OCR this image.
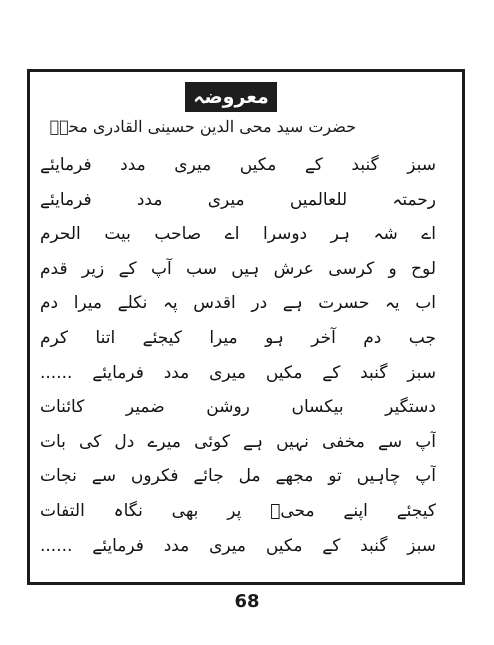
معروضہ
حضرت سید محی الدین حسینی القادری محیؔ
سبز گنبد کے مکیں میری مدد فرمایئے
رحمتہ للعالمیں میری مدد فرمایئے
اے شہ ہر دوسرا اے صاحب بیت الحرم
لوح و کرسی عرش ہیں سب آپ کے زیر قدم
اب یہ حسرت ہے در اقدس پہ نکلے میرا دم
جب دم آخر ہو میرا کیجئے اتنا کرم
سبز گنبد کے مکیں میری مدد فرمایئے ......
دستگیر بیکساں روشن ضمیر کائنات
آپ سے مخفی نہیں ہے کوئی میرے دل کی بات
آپ چاہیں تو مجھے مل جائے فکروں سے نجات
کیجئے اپنے محیؔ پر بھی نگاہ التفات
سبز گنبد کے مکیں میری مدد فرمایئے ......
68
